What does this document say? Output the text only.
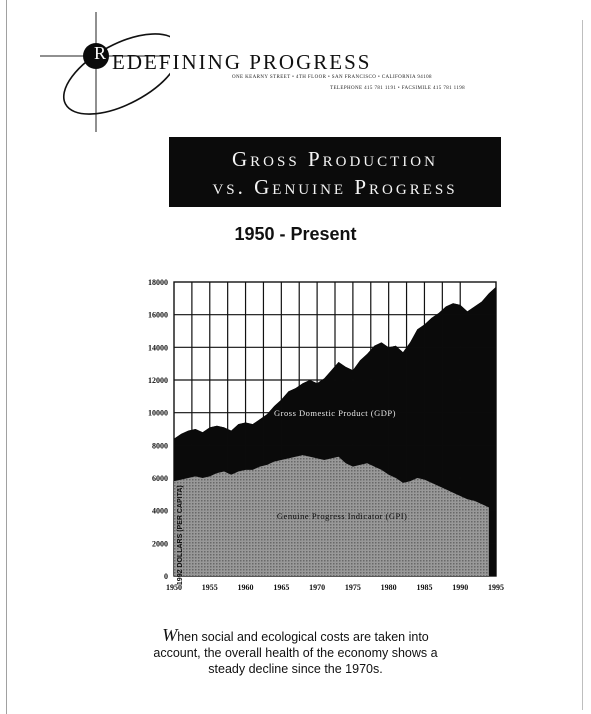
R EDEFINING PROGRESS
ONE KEARNY STREET • 4TH FLOOR • SAN FRANCISCO • CALIFORNIA 94108
TELEPHONE 415 781 1191 • FACSIMILE 415 781 1198
Gross Production
vs. Genuine Progress
1950 - Present
0
2000
4000
6000
8000
10000
12000
14000
16000
18000
1950 1955 1960 1965 1970 1975 1980 1985 1990 1995
1992 DOLLARS (PER CAPITA)
Gross Domestic Product (GDP)
Genuine Progress Indicator (GPI)
When social and ecological costs are taken into
account, the overall health of the economy shows a
steady decline since the 1970s.
